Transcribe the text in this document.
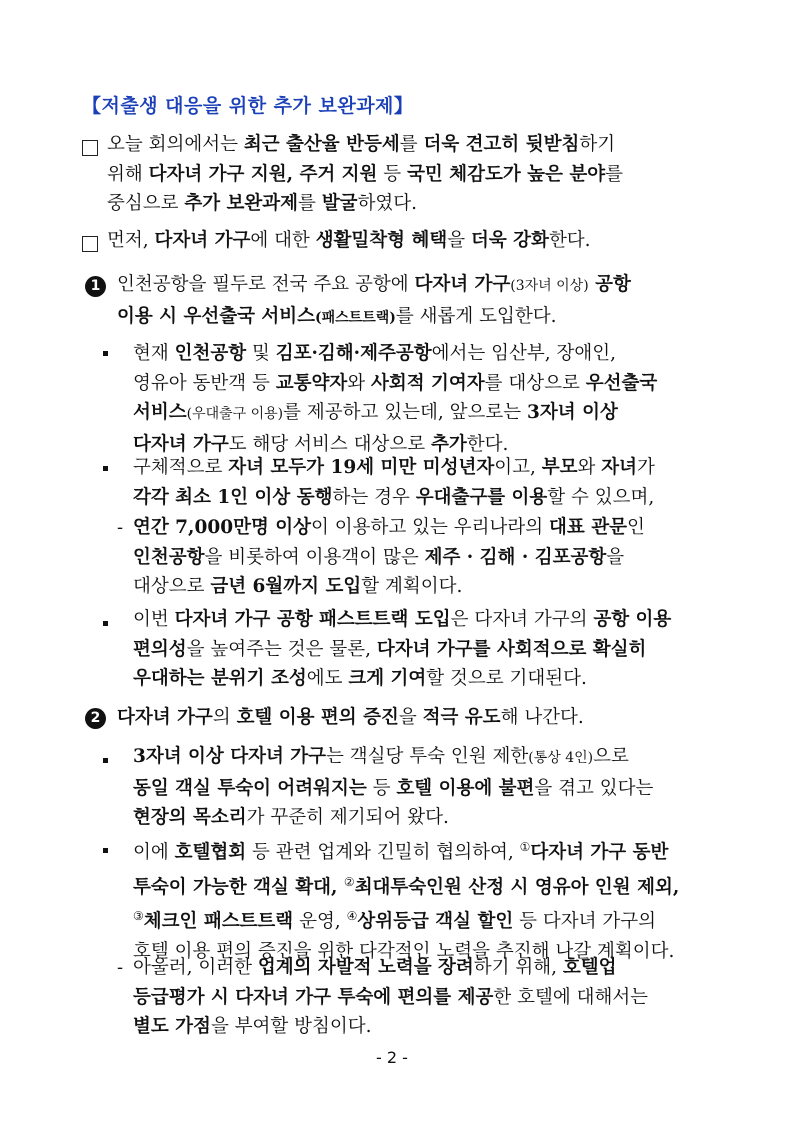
【저출생 대응을 위한 추가 보완과제】
오늘 회의에서는 최근 출산율 반등세를 더욱 견고히 뒷받침하기
위해 다자녀 가구 지원, 주거 지원 등 국민 체감도가 높은 분야를
중심으로 추가 보완과제를 발굴하였다.
먼저, 다자녀 가구에 대한 생활밀착형 혜택을 더욱 강화한다.
1 인천공항을 필두로 전국 주요 공항에 다자녀 가구(3자녀 이상) 공항
이용 시 우선출국 서비스(패스트트랙)를 새롭게 도입한다.
현재 인천공항 및 김포·김해·제주공항에서는 임산부, 장애인,
영유아 동반객 등 교통약자와 사회적 기여자를 대상으로 우선출국
서비스(우대출구 이용)를 제공하고 있는데, 앞으로는 3자녀 이상
다자녀 가구도 해당 서비스 대상으로 추가한다.
구체적으로 자녀 모두가 19세 미만 미성년자이고, 부모와 자녀가
각각 최소 1인 이상 동행하는 경우 우대출구를 이용할 수 있으며,
- 연간 7,000만명 이상이 이용하고 있는 우리나라의 대표 관문인
인천공항을 비롯하여 이용객이 많은 제주 · 김해 · 김포공항을
대상으로 금년 6월까지 도입할 계획이다.
이번 다자녀 가구 공항 패스트트랙 도입은 다자녀 가구의 공항 이용
편의성을 높여주는 것은 물론, 다자녀 가구를 사회적으로 확실히
우대하는 분위기 조성에도 크게 기여할 것으로 기대된다.
2 다자녀 가구의 호텔 이용 편의 증진을 적극 유도해 나간다.
3자녀 이상 다자녀 가구는 객실당 투숙 인원 제한(통상 4인)으로
동일 객실 투숙이 어려워지는 등 호텔 이용에 불편을 겪고 있다는
현장의 목소리가 꾸준히 제기되어 왔다.
이에 호텔협회 등 관련 업계와 긴밀히 협의하여, ①다자녀 가구 동반
투숙이 가능한 객실 확대, ②최대투숙인원 산정 시 영유아 인원 제외,
③체크인 패스트트랙 운영, ④상위등급 객실 할인 등 다자녀 가구의
호텔 이용 편의 증진을 위한 다각적인 노력을 추진해 나갈 계획이다.
- 아울러, 이러한 업계의 자발적 노력을 장려하기 위해, 호텔업
등급평가 시 다자녀 가구 투숙에 편의를 제공한 호텔에 대해서는
별도 가점을 부여할 방침이다.
- 2 -
